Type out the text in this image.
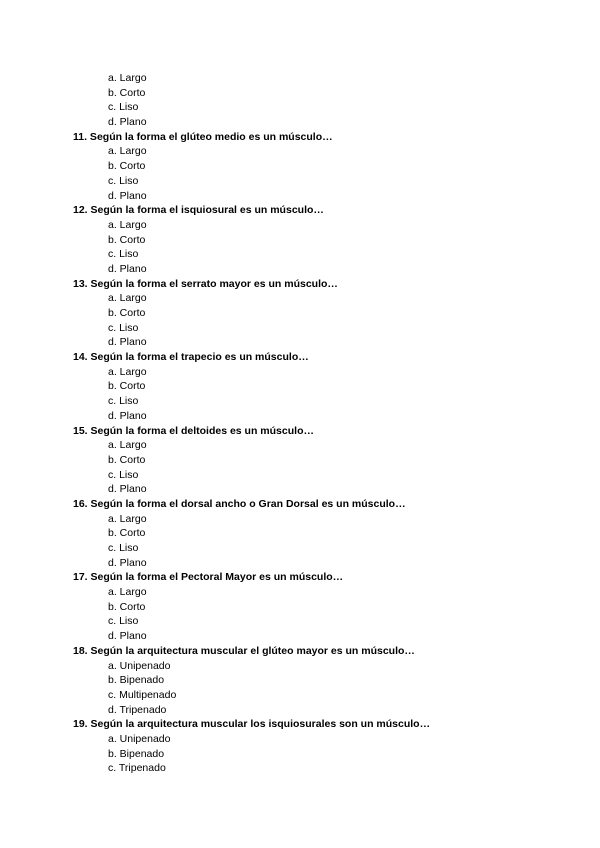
a. Largo
b. Corto
c. Liso
d. Plano
11. Según la forma el glúteo medio es un músculo…
a. Largo
b. Corto
c. Liso
d. Plano
12. Según la forma el isquiosural es un músculo…
a. Largo
b. Corto
c. Liso
d. Plano
13. Según la forma el serrato mayor es un músculo…
a. Largo
b. Corto
c. Liso
d. Plano
14. Según la forma el trapecio es un músculo…
a. Largo
b. Corto
c. Liso
d. Plano
15. Según la forma el deltoides es un músculo…
a. Largo
b. Corto
c. Liso
d. Plano
16. Según la forma el dorsal ancho o Gran Dorsal es un músculo…
a. Largo
b. Corto
c. Liso
d. Plano
17. Según la forma el Pectoral Mayor es un músculo…
a. Largo
b. Corto
c. Liso
d. Plano
18. Según la arquitectura muscular el glúteo mayor es un músculo…
a. Unipenado
b. Bipenado
c. Multipenado
d. Tripenado
19. Según la arquitectura muscular los isquiosurales son un músculo…
a. Unipenado
b. Bipenado
c. Tripenado
